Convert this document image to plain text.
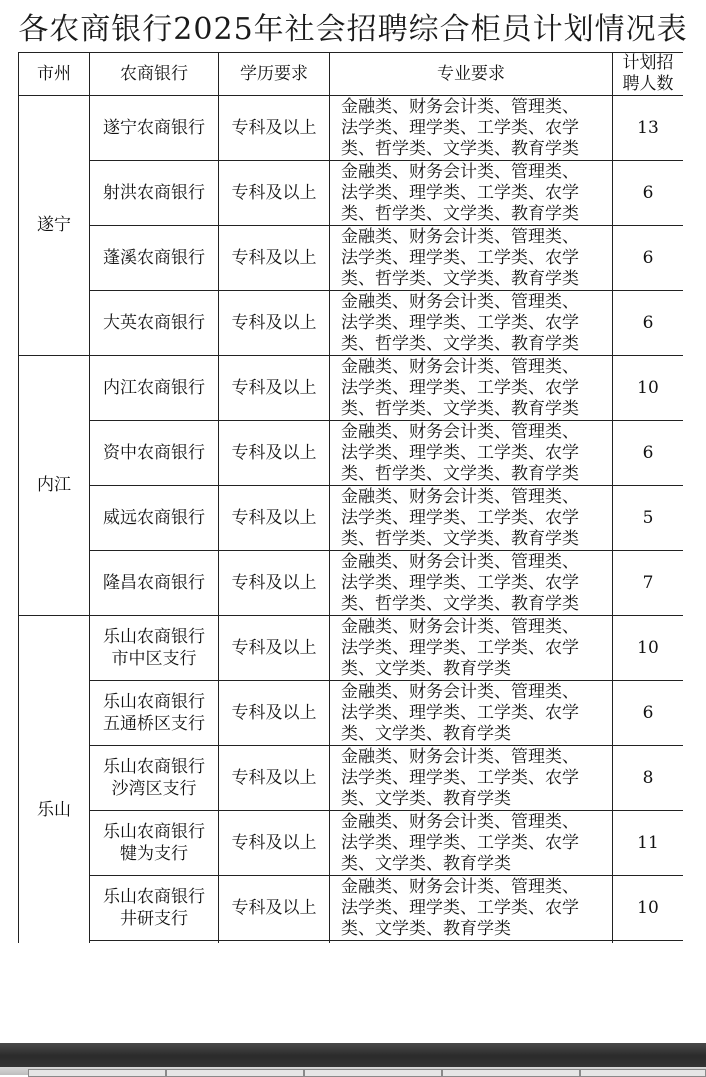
各农商银行2025年社会招聘综合柜员计划情况表
市州	农商银行	学历要求	专业要求	计划招
聘人数

遂宁	遂宁农商银行	专科及以上	金融类、财务会计类、管理类、
法学类、理学类、工学类、农学
类、哲学类、文学类、教育学类	13
	射洪农商银行	专科及以上	金融类、财务会计类、管理类、
法学类、理学类、工学类、农学
类、哲学类、文学类、教育学类	6
	蓬溪农商银行	专科及以上	金融类、财务会计类、管理类、
法学类、理学类、工学类、农学
类、哲学类、文学类、教育学类	6
	大英农商银行	专科及以上	金融类、财务会计类、管理类、
法学类、理学类、工学类、农学
类、哲学类、文学类、教育学类	6
内江	内江农商银行	专科及以上	金融类、财务会计类、管理类、
法学类、理学类、工学类、农学
类、哲学类、文学类、教育学类	10
	资中农商银行	专科及以上	金融类、财务会计类、管理类、
法学类、理学类、工学类、农学
类、哲学类、文学类、教育学类	6
	威远农商银行	专科及以上	金融类、财务会计类、管理类、
法学类、理学类、工学类、农学
类、哲学类、文学类、教育学类	5
	隆昌农商银行	专科及以上	金融类、财务会计类、管理类、
法学类、理学类、工学类、农学
类、哲学类、文学类、教育学类	7
乐山	乐山农商银行
市中区支行	专科及以上	金融类、财务会计类、管理类、
法学类、理学类、工学类、农学
类、文学类、教育学类	10

	乐山农商银行
五通桥区支行	专科及以上	金融类、财务会计类、管理类、
法学类、理学类、工学类、农学
类、文学类、教育学类	6

	乐山农商银行
沙湾区支行	专科及以上	金融类、财务会计类、管理类、
法学类、理学类、工学类、农学
类、文学类、教育学类	8

	乐山农商银行
犍为支行	专科及以上	金融类、财务会计类、管理类、
法学类、理学类、工学类、农学
类、文学类、教育学类	11

	乐山农商银行
井研支行	专科及以上	金融类、财务会计类、管理类、
法学类、理学类、工学类、农学
类、文学类、教育学类	10
